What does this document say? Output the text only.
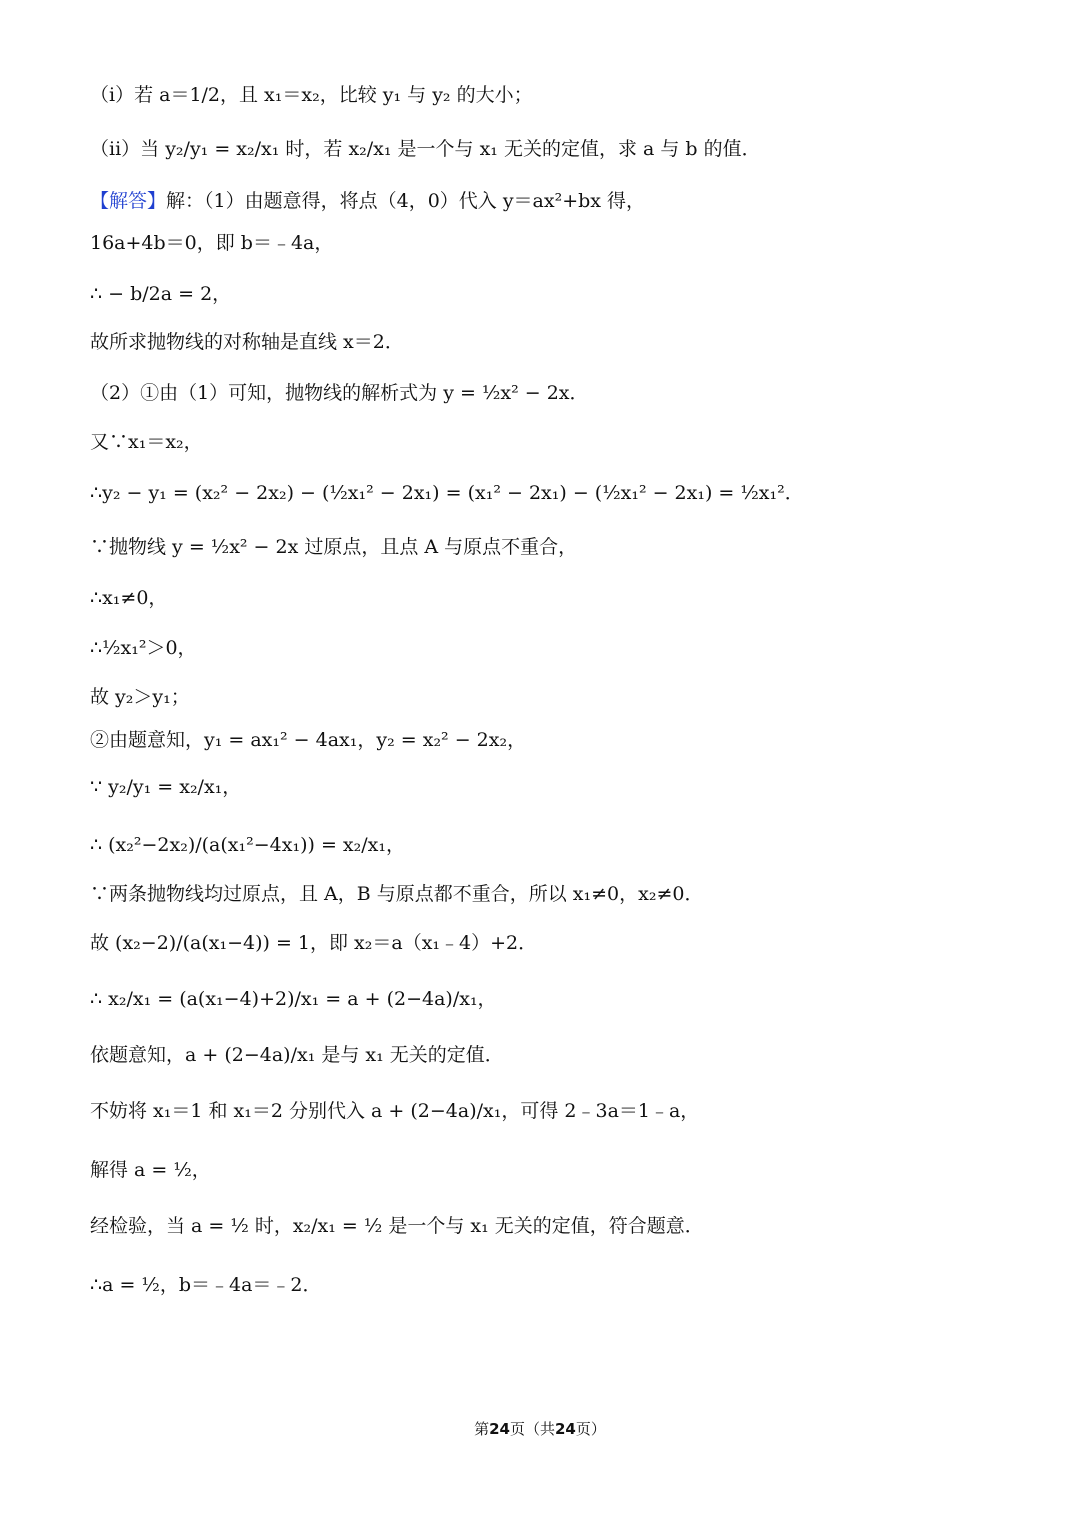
（i）若 a＝1/2，且 x₁＝x₂，比较 y₁ 与 y₂ 的大小；
（ii）当 y₂/y₁ = x₂/x₁ 时，若 x₂/x₁ 是一个与 x₁ 无关的定值，求 a 与 b 的值．
【解答】解：（1）由题意得，将点（4，0）代入 y＝ax²+bx 得，
16a+4b＝0，即 b＝﹣4a，
∴ − b/2a = 2，
故所求抛物线的对称轴是直线 x＝2．
（2）①由（1）可知，抛物线的解析式为 y = ½x² − 2x．
又∵x₁＝x₂，
∴y₂ − y₁ = (x₂² − 2x₂) − (½x₁² − 2x₁) = (x₁² − 2x₁) − (½x₁² − 2x₁) = ½x₁²．
∵抛物线 y = ½x² − 2x 过原点，且点 A 与原点不重合，
∴x₁≠0，
∴½x₁²＞0，
故 y₂＞y₁；
②由题意知，y₁ = ax₁² − 4ax₁，y₂ = x₂² − 2x₂，
∵ y₂/y₁ = x₂/x₁，
∴ (x₂²−2x₂)/(a(x₁²−4x₁)) = x₂/x₁，
∵两条抛物线均过原点，且 A，B 与原点都不重合，所以 x₁≠0，x₂≠0．
故 (x₂−2)/(a(x₁−4)) = 1，即 x₂＝a（x₁﹣4）+2．
∴ x₂/x₁ = (a(x₁−4)+2)/x₁ = a + (2−4a)/x₁，
依题意知，a + (2−4a)/x₁ 是与 x₁ 无关的定值．
不妨将 x₁＝1 和 x₁＝2 分别代入 a + (2−4a)/x₁，可得 2﹣3a＝1﹣a，
解得 a = ½，
经检验，当 a = ½ 时，x₂/x₁ = ½ 是一个与 x₁ 无关的定值，符合题意．
∴a = ½，b＝﹣4a＝﹣2．
第24页（共24页）
